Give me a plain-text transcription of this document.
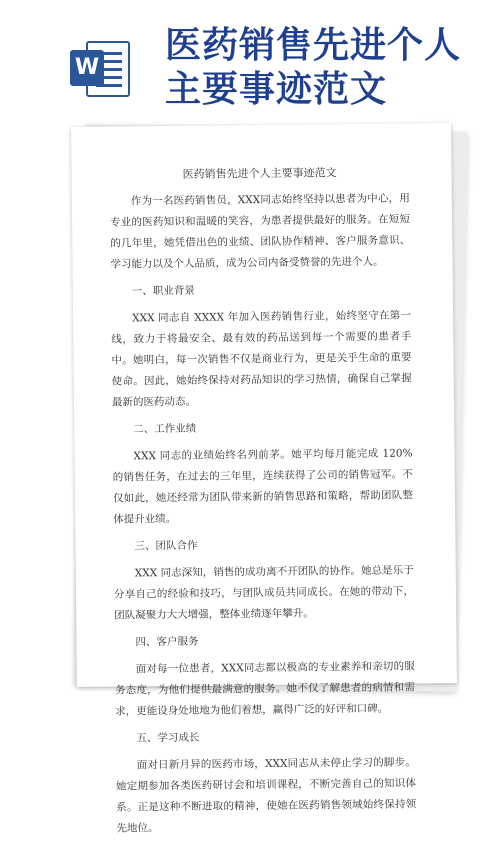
W
医药销售先进个人主要事迹范文
医药销售先进个人主要事迹范文

作为一名医药销售员，XXX同志始终坚持以患者为中心，用专业的医药知识和温暖的笑容，为患者提供最好的服务。在短短的几年里，她凭借出色的业绩、团队协作精神、客户服务意识、学习能力以及个人品质，成为公司内备受赞誉的先进个人。

一、职业背景

XXX 同志自 XXXX 年加入医药销售行业，始终坚守在第一线，致力于将最安全、最有效的药品送到每一个需要的患者手中。她明白，每一次销售不仅是商业行为，更是关乎生命的重要使命。因此，她始终保持对药品知识的学习热情，确保自己掌握最新的医药动态。

二、工作业绩

XXX 同志的业绩始终名列前茅。她平均每月能完成 120%的销售任务，在过去的三年里，连续获得了公司的销售冠军。不仅如此，她还经常为团队带来新的销售思路和策略，帮助团队整体提升业绩。

三、团队合作

XXX 同志深知，销售的成功离不开团队的协作。她总是乐于分享自己的经验和技巧，与团队成员共同成长。在她的带动下，团队凝聚力大大增强，整体业绩逐年攀升。

四、客户服务

面对每一位患者，XXX同志都以极高的专业素养和亲切的服务态度，为他们提供最满意的服务。她不仅了解患者的病情和需求，更能设身处地地为他们着想，赢得广泛的好评和口碑。

五、学习成长

面对日新月异的医药市场，XXX同志从未停止学习的脚步。她定期参加各类医药研讨会和培训课程，不断完善自己的知识体系。正是这种不断进取的精神，使她在医药销售领域始终保持领先地位。
